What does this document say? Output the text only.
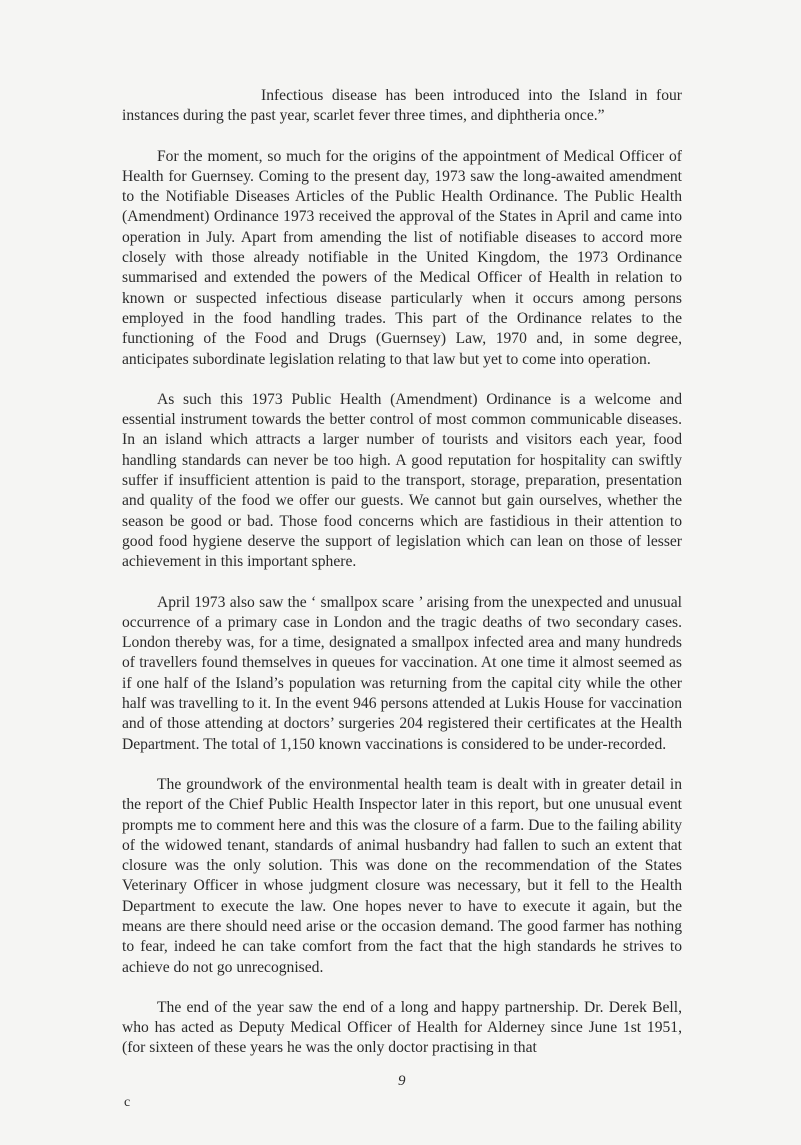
Infectious disease has been introduced into the Island in four instances during the past year, scarlet fever three times, and diphtheria once.”

For the moment, so much for the origins of the appointment of Medical Officer of Health for Guernsey. Coming to the present day, 1973 saw the long-awaited amendment to the Notifiable Diseases Articles of the Public Health Ordinance. The Public Health (Amendment) Ordinance 1973 received the approval of the States in April and came into operation in July. Apart from amending the list of notifiable diseases to accord more closely with those already notifiable in the United Kingdom, the 1973 Ordinance summarised and extended the powers of the Medical Officer of Health in relation to known or suspected infectious disease particularly when it occurs among persons employed in the food handling trades. This part of the Ordinance relates to the functioning of the Food and Drugs (Guernsey) Law, 1970 and, in some degree, anticipates subordinate legislation relating to that law but yet to come into operation.

As such this 1973 Public Health (Amendment) Ordinance is a welcome and essential instrument towards the better control of most common communicable diseases. In an island which attracts a larger number of tourists and visitors each year, food handling standards can never be too high. A good reputation for hospitality can swiftly suffer if insufficient attention is paid to the transport, storage, preparation, presentation and quality of the food we offer our guests. We cannot but gain ourselves, whether the season be good or bad. Those food concerns which are fastidious in their attention to good food hygiene deserve the support of legislation which can lean on those of lesser achievement in this important sphere.

April 1973 also saw the ‘ smallpox scare ’ arising from the unexpected and unusual occurrence of a primary case in London and the tragic deaths of two secondary cases. London thereby was, for a time, designated a smallpox infected area and many hundreds of travellers found themselves in queues for vaccination. At one time it almost seemed as if one half of the Island’s population was returning from the capital city while the other half was travelling to it. In the event 946 persons attended at Lukis House for vaccination and of those attending at doctors’ surgeries 204 registered their certificates at the Health Department. The total of 1,150 known vaccinations is considered to be under-recorded.

The groundwork of the environmental health team is dealt with in greater detail in the report of the Chief Public Health Inspector later in this report, but one unusual event prompts me to comment here and this was the closure of a farm. Due to the failing ability of the widowed tenant, standards of animal husbandry had fallen to such an extent that closure was the only solution. This was done on the recommendation of the States Veterinary Officer in whose judgment closure was necessary, but it fell to the Health Department to execute the law. One hopes never to have to execute it again, but the means are there should need arise or the occasion demand. The good farmer has nothing to fear, indeed he can take comfort from the fact that the high standards he strives to achieve do not go unrecognised.

The end of the year saw the end of a long and happy partnership. Dr. Derek Bell, who has acted as Deputy Medical Officer of Health for Alderney since June 1st 1951, (for sixteen of these years he was the only doctor practising in that

9
c
